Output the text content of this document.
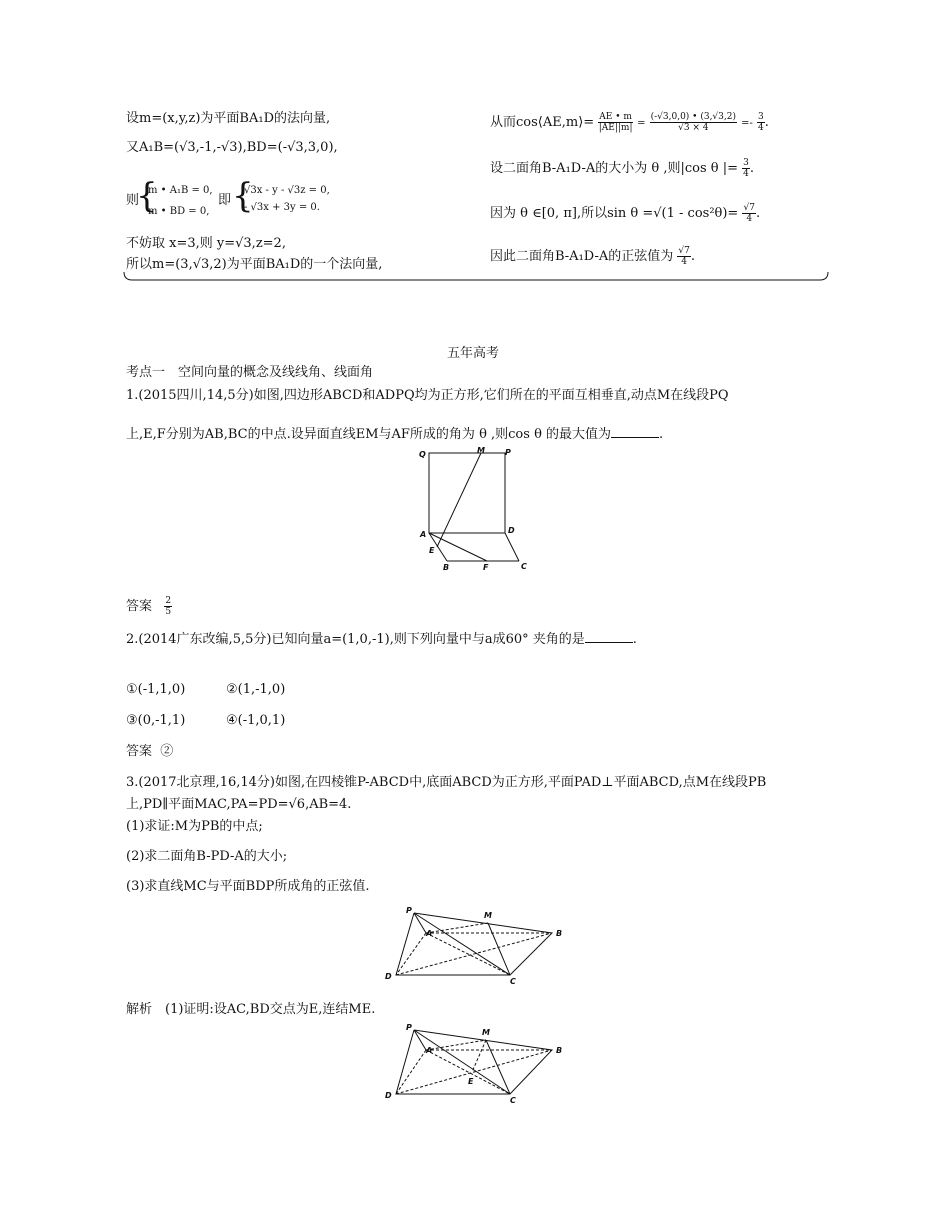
设m=(x,y,z)为平面BA₁D的法向量,
又A₁B=(√3,-1,-√3),BD=(-√3,3,0),
则
{
m • A₁B = 0,
m • BD = 0,
即 {
√3x - y - √3z = 0,
- √3x + 3y = 0.
不妨取 x=3,则 y=√3,z=2,
所以m=(3,√3,2)为平面BA₁D的一个法向量,
从而cos⟨AE,m⟩= $\frac{AE • m}{|AE||m|} = \frac{(-√3,0,0) • (3,√3,2)}{√3 \times 4} =- \frac{3}{4}$ .
设二面角B-A₁D-A的大小为 θ ,则|cos θ |= $\frac{3}{4}$ .
因为 θ ∈[0, π],所以$\sin \theta =√(1 - \cos^2\theta)= \frac{√7}{4}$ .
因此二面角B-A₁D-A的正弦值为 $\frac{√7}{4}$ .
五年高考
考点一　空间向量的概念及线线角、线面角
1.(2015四川,14,5分)如图,四边形ABCD和ADPQ均为正方形,它们所在的平面互相垂直,动点M在线段PQ
上,E,F分别为AB,BC的中点.设异面直线EM与AF所成的角为 θ ,则cos θ 的最大值为	.
Q	M	P
A	D
E
B	F	C
答案 $\frac{2}{5}$
2.(2014广东改编,5,5分)已知向量a=(1,0,-1),则下列向量中与a成60° 夹角的是	.
①(-1,1,0)	②(1,-1,0)
③(0,-1,1)	④(-1,0,1)
答案 ②
3.(2017北京理,16,14分)如图,在四棱锥P-ABCD中,底面ABCD为正方形,平面PAD⊥平面ABCD,点M在线段PB
上,PD∥平面MAC,PA=PD=√6,AB=4.
(1)求证:M为PB的中点;
(2)求二面角B-PD-A的大小;
(3)求直线MC与平面BDP所成角的正弦值.
P
M
A	B
D
C
解析　(1)证明:设AC,BD交点为E,连结ME.
P
M
A	B
E
D
C
